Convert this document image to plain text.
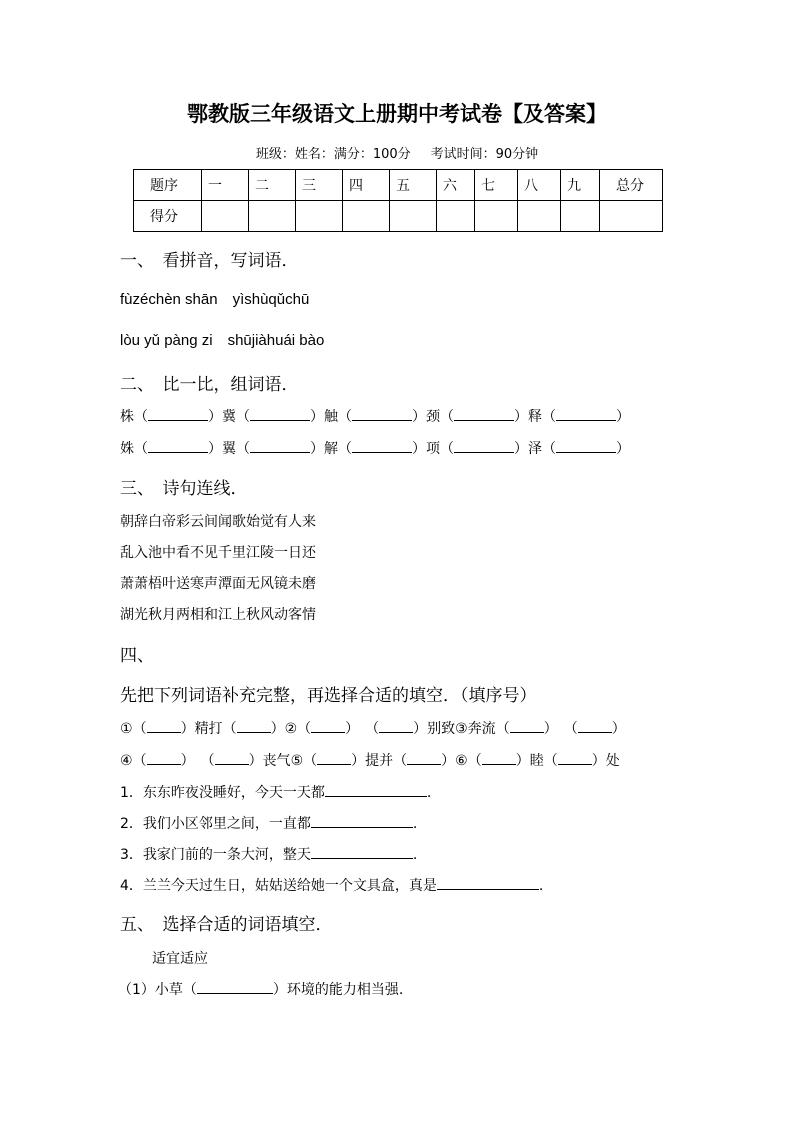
鄂教版三年级语文上册期中考试卷【及答案】
班级：姓名：满分：100分 考试时间：90分钟
题序	一	二	三	四	五	六	七	八	九	总分
得分										
一、　看拼音，写词语．
fùzéchèn shān　yìshùqǔchū
lòu yǔ pàng zi　shūjiàhuái bào
二、　比一比，组词语．
株（	）冀（	）触（	）颈（	）释（	）
姝（	）翼（	）解（	）项（	）泽（	）
三、　诗句连线．
朝辞白帝彩云间闻歌始觉有人来
乱入池中看不见千里江陵一日还
萧萧梧叶送寒声潭面无风镜未磨
湖光秋月两相和江上秋风动客情
四、
先把下列词语补充完整，再选择合适的填空．（填序号）
①（ ）精打（ ）②（ ） （ ）别致③奔流（ ） （ ）
④（ ） （ ）丧气⑤（ ）提并（ ）⑥（ ）睦（ ）处
1．东东昨夜没睡好，今天一天都	.
2．我们小区邻里之间，一直都	.
3．我家门前的一条大河，整天	.
4．兰兰今天过生日，姑姑送给她一个文具盒，真是	.
五、　选择合适的词语填空．
适宜适应
（1）小草（	）环境的能力相当强.
